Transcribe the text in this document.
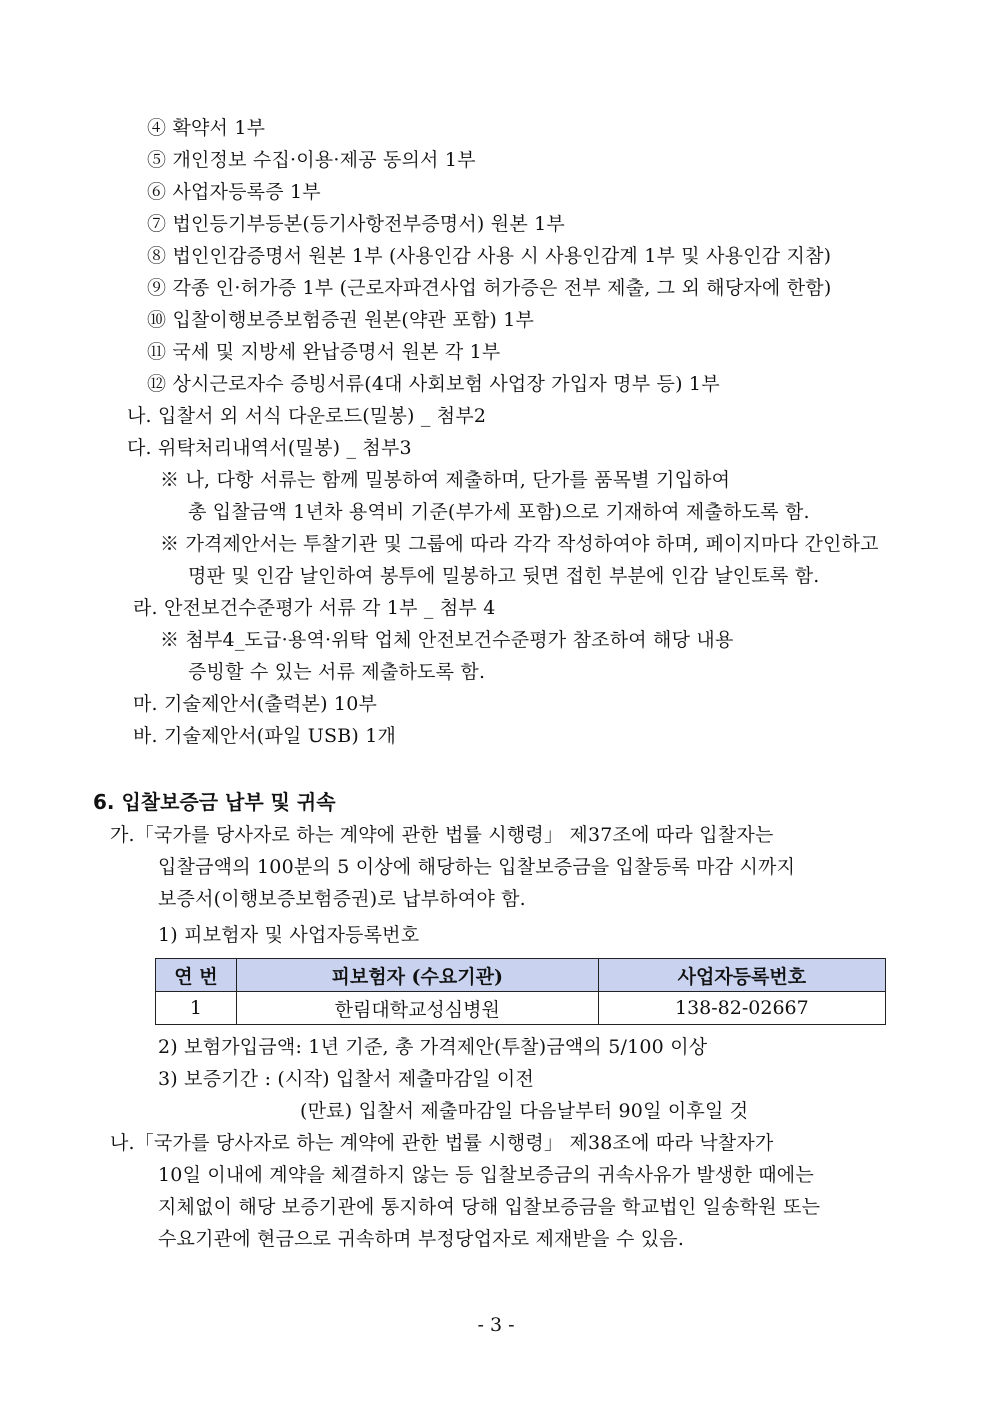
④ 확약서 1부
⑤ 개인정보 수집·이용·제공 동의서 1부
⑥ 사업자등록증 1부
⑦ 법인등기부등본(등기사항전부증명서) 원본 1부
⑧ 법인인감증명서 원본 1부 (사용인감 사용 시 사용인감계 1부 및 사용인감 지참)
⑨ 각종 인·허가증 1부 (근로자파견사업 허가증은 전부 제출, 그 외 해당자에 한함)
⑩ 입찰이행보증보험증권 원본(약관 포함) 1부
⑪ 국세 및 지방세 완납증명서 원본 각 1부
⑫ 상시근로자수 증빙서류(4대 사회보험 사업장 가입자 명부 등) 1부
나. 입찰서 외 서식 다운로드(밀봉) _ 첨부2
다. 위탁처리내역서(밀봉) _ 첨부3
※ 나, 다항 서류는 함께 밀봉하여 제출하며, 단가를 품목별 기입하여
총 입찰금액 1년차 용역비 기준(부가세 포함)으로 기재하여 제출하도록 함.
※ 가격제안서는 투찰기관 및 그룹에 따라 각각 작성하여야 하며, 페이지마다 간인하고
명판 및 인감 날인하여 봉투에 밀봉하고 뒷면 접힌 부분에 인감 날인토록 함.
라. 안전보건수준평가 서류 각 1부 _ 첨부 4
※ 첨부4_도급·용역·위탁 업체 안전보건수준평가 참조하여 해당 내용
증빙할 수 있는 서류 제출하도록 함.
마. 기술제안서(출력본) 10부
바. 기술제안서(파일 USB) 1개
6. 입찰보증금 납부 및 귀속
가.「국가를 당사자로 하는 계약에 관한 법률 시행령」 제37조에 따라 입찰자는
입찰금액의 100분의 5 이상에 해당하는 입찰보증금을 입찰등록 마감 시까지
보증서(이행보증보험증권)로 납부하여야 함.
1) 피보험자 및 사업자등록번호
연 번	피보험자 (수요기관)	사업자등록번호
1	한림대학교성심병원	138-82-02667
2) 보험가입금액: 1년 기준, 총 가격제안(투찰)금액의 5/100 이상
3) 보증기간 : (시작) 입찰서 제출마감일 이전
(만료) 입찰서 제출마감일 다음날부터 90일 이후일 것
나.「국가를 당사자로 하는 계약에 관한 법률 시행령」 제38조에 따라 낙찰자가
10일 이내에 계약을 체결하지 않는 등 입찰보증금의 귀속사유가 발생한 때에는
지체없이 해당 보증기관에 통지하여 당해 입찰보증금을 학교법인 일송학원 또는
수요기관에 현금으로 귀속하며 부정당업자로 제재받을 수 있음.
- 3 -
